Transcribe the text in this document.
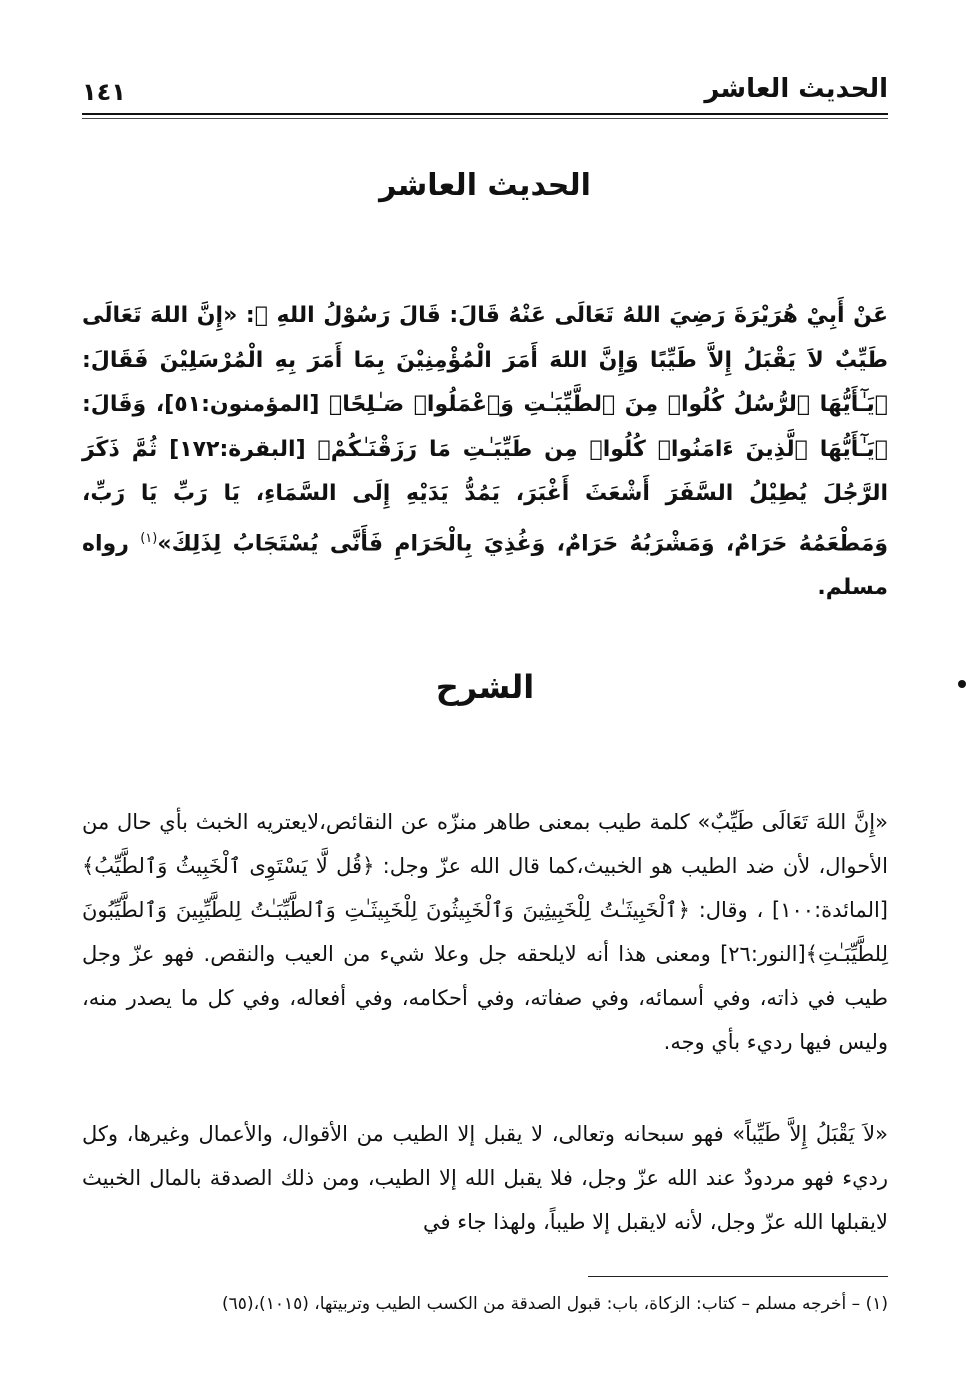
الحديث العاشر
١٤١
الحديث العاشر
عَنْ أَبِيْ هُرَيْرَةَ رَضِيَ اللهُ تَعَالَى عَنْهُ قَالَ: قَالَ رَسُوْلُ اللهِ ﷺ: «إِنَّ اللهَ تَعَالَى طَيِّبٌ لاَ يَقْبَلُ إِلاَّ طَيِّبًا وَإِنَّ اللهَ أَمَرَ الْمُؤْمِنِيْنَ بِمَا أَمَرَ بِهِ الْمُرْسَلِيْنَ فَقَالَ: ﴿يَـٰٓأَيُّهَا ٱلرُّسُلُ كُلُوا۟ مِنَ ٱلطَّيِّبَـٰتِ وَٱعْمَلُوا۟ صَـٰلِحًا﴾ [المؤمنون:٥١]، وَقَالَ: ﴿يَـٰٓأَيُّهَا ٱلَّذِينَ ءَامَنُوا۟ كُلُوا۟ مِن طَيِّبَـٰتِ مَا رَزَقْنَـٰكُمْ﴾ [البقرة:١٧٢] ثُمَّ ذَكَرَ الرَّجُلَ يُطِيْلُ السَّفَرَ أَشْعَثَ أَغْبَرَ، يَمُدُّ يَدَيْهِ إِلَى السَّمَاءِ، يَا رَبِّ يَا رَبِّ، وَمَطْعَمُهُ حَرَامٌ، وَمَشْرَبُهُ حَرَامٌ، وَغُذِيَ بِالْحَرَامِ فَأَنَّى يُسْتَجَابُ لِذَلِكَ»$^{(١)}$ رواه مسلم.
الشرح

«إِنَّ اللهَ تَعَالَى طَيِّبٌ» كلمة طيب بمعنى طاهر منزّه عن النقائص،لايعتريه الخبث بأي حال من الأحوال، لأن ضد الطيب هو الخبيث،كما قال الله عزّ وجل: ﴿قُل لَّا يَسْتَوِى ٱلْخَبِيثُ وَٱلطَّيِّبُ﴾[المائدة:١٠٠] ، وقال: ﴿ٱلْخَبِيثَـٰتُ لِلْخَبِيثِينَ وَٱلْخَبِيثُونَ لِلْخَبِيثَـٰتِ وَٱلطَّيِّبَـٰتُ لِلطَّيِّبِينَ وَٱلطَّيِّبُونَ لِلطَّيِّبَـٰتِ﴾[النور:٢٦] ومعنى هذا أنه لايلحقه جل وعلا شيء من العيب والنقص. فهو عزّ وجل طيب في ذاته، وفي أسمائه، وفي صفاته، وفي أحكامه، وفي أفعاله، وفي كل ما يصدر منه، وليس فيها رديء بأي وجه.

«لاَ يَقْبَلُ إِلاَّ طَيِّباً» فهو سبحانه وتعالى، لا يقبل إلا الطيب من الأقوال، والأعمال وغيرها، وكل رديء فهو مردودٌ عند الله عزّ وجل، فلا يقبل الله إلا الطيب، ومن ذلك الصدقة بالمال الخبيث لايقبلها الله عزّ وجل، لأنه لايقبل إلا طيباً، ولهذا جاء في

(١) – أخرجه مسلم – كتاب: الزكاة، باب: قبول الصدقة من الكسب الطيب وتربيتها، (١٠١٥)،(٦٥)
